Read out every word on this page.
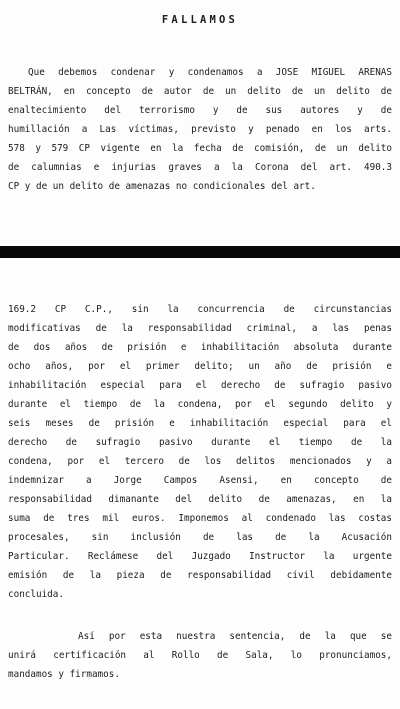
FALLAMOS

Que debemos condenar y condenamos a JOSE MIGUEL ARENAS
BELTRÁN, en concepto de autor de un delito de un delito de
enaltecimiento del terrorismo y de sus autores y de
humillación a Las víctimas, previsto y penado en los arts.
578 y 579 CP vigente en la fecha de comisión, de un delito
de calumnias e injurias graves a la Corona del art. 490.3
CP y de un delito de amenazas no condicionales del art.

169.2 CP C.P., sin la concurrencia de circunstancias
modificativas de la responsabilidad criminal, a las penas
de dos años de prisión e inhabilitación absoluta durante
ocho años, por el primer delito; un año de prisión e
inhabilitación especial para el derecho de sufragio pasivo
durante el tiempo de la condena, por el segundo delito y
seis meses de prisión e inhabilitación especial para el
derecho de sufragio pasivo durante el tiempo de la
condena, por el tercero de los delitos mencionados y a
indemnizar a Jorge Campos Asensi, en concepto de
responsabilidad dimanante del delito de amenazas, en la
suma de tres mil euros. Imponemos al condenado las costas
procesales, sin inclusión de las de la Acusación
Particular. Reclámese del Juzgado Instructor la urgente
emisión de la pieza de responsabilidad civil debidamente
concluida.

Así por esta nuestra sentencia, de la que se
unirá certificación al Rollo de Sala, lo pronunciamos,
mandamos y firmamos.
